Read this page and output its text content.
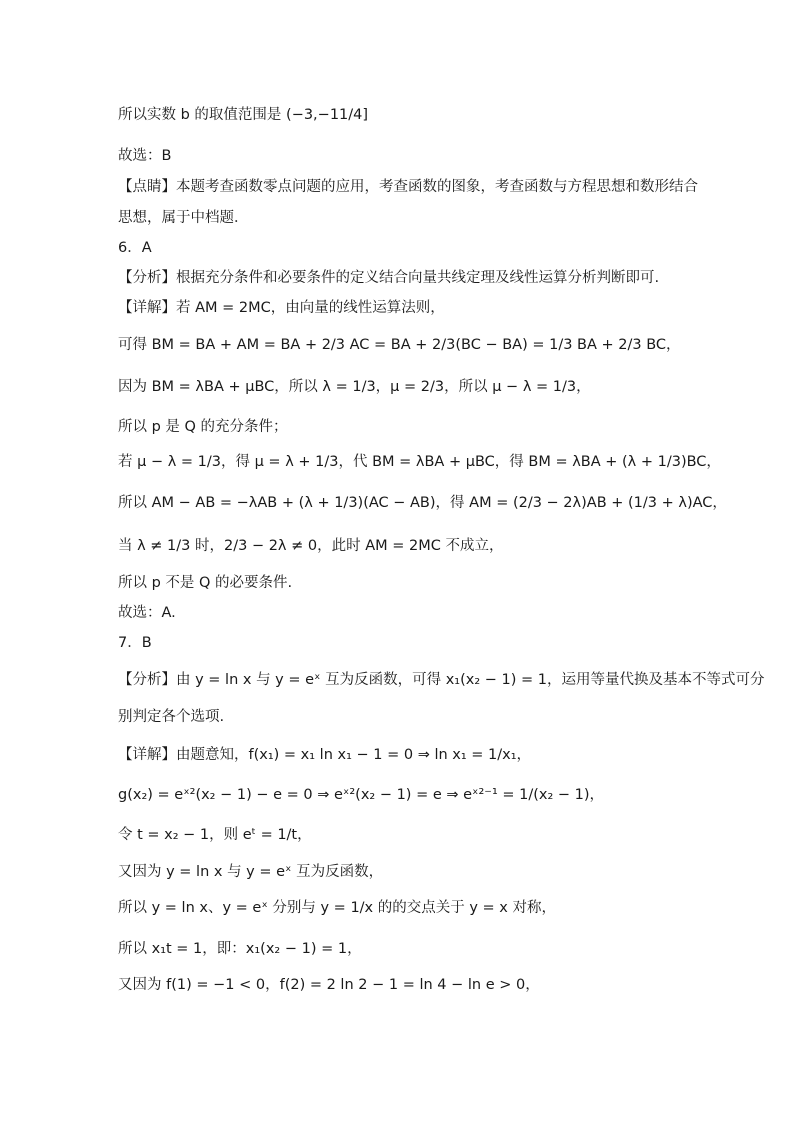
所以实数 b 的取值范围是 (−3,−11/4]
故选：B
【点睛】本题考查函数零点问题的应用，考查函数的图象，考查函数与方程思想和数形结合
思想，属于中档题．
6．A
【分析】根据充分条件和必要条件的定义结合向量共线定理及线性运算分析判断即可.
【详解】若 AM = 2MC，由向量的线性运算法则，
可得 BM = BA + AM = BA + 2/3 AC = BA + 2/3(BC − BA) = 1/3 BA + 2/3 BC，
因为 BM = λBA + μBC，所以 λ = 1/3，μ = 2/3，所以 μ − λ = 1/3，
所以 p 是 Q 的充分条件；
若 μ − λ = 1/3，得 μ = λ + 1/3，代 BM = λBA + μBC，得 BM = λBA + (λ + 1/3)BC，
所以 AM − AB = −λAB + (λ + 1/3)(AC − AB)，得 AM = (2/3 − 2λ)AB + (1/3 + λ)AC，
当 λ ≠ 1/3 时，2/3 − 2λ ≠ 0，此时 AM = 2MC 不成立，
所以 p 不是 Q 的必要条件.
故选：A.
7．B
【分析】由 y = ln x 与 y = eˣ 互为反函数，可得 x₁(x₂ − 1) = 1，运用等量代换及基本不等式可分
别判定各个选项.
【详解】由题意知，f(x₁) = x₁ ln x₁ − 1 = 0 ⇒ ln x₁ = 1/x₁，
g(x₂) = eˣ²(x₂ − 1) − e = 0 ⇒ eˣ²(x₂ − 1) = e ⇒ eˣ²⁻¹ = 1/(x₂ − 1)，
令 t = x₂ − 1，则 eᵗ = 1/t，
又因为 y = ln x 与 y = eˣ 互为反函数，
所以 y = ln x、y = eˣ 分别与 y = 1/x 的的交点关于 y = x 对称，
所以 x₁t = 1，即：x₁(x₂ − 1) = 1，
又因为 f(1) = −1 < 0，f(2) = 2 ln 2 − 1 = ln 4 − ln e > 0，
